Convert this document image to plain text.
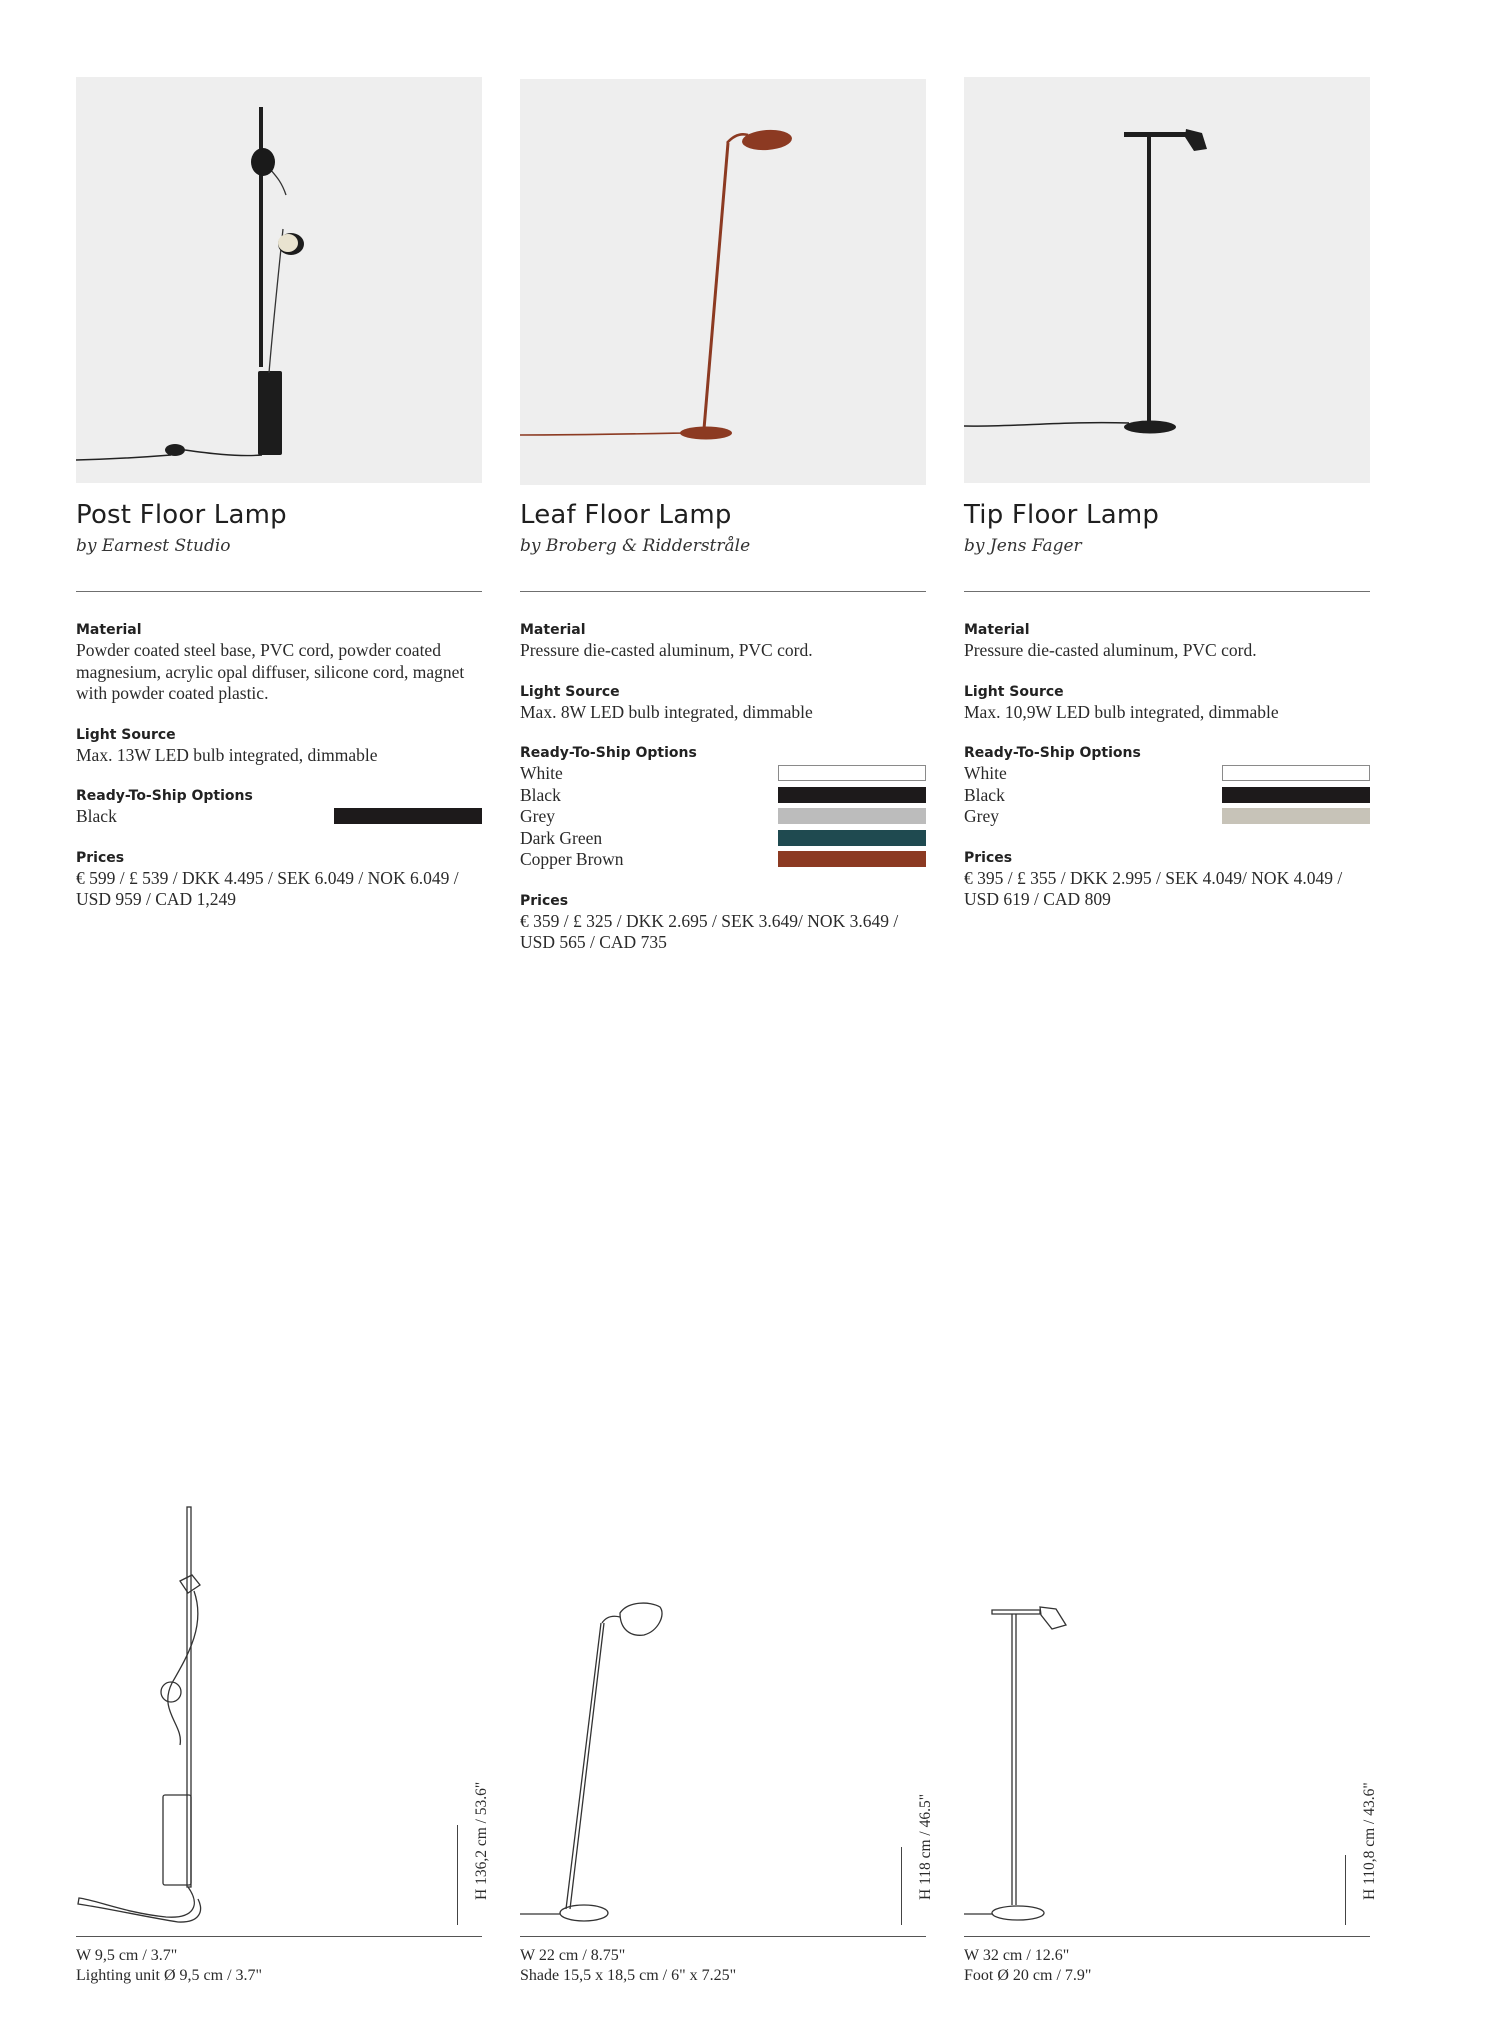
Post Floor Lamp

by Earnest Studio

Material
Powder coated steel base, PVC cord, powder coated magnesium, acrylic opal diffuser, silicone cord, magnet with powder coated plastic.
Light Source
Max. 13W LED bulb integrated, dimmable
Ready-To-Ship Options
Black
Prices
€ 599 / £ 539 / DKK 4.495 / SEK 6.049 / NOK 6.049 / USD 959 / CAD 1,249
H 136,2 cm / 53.6"
W 9,5 cm / 3.7"
Lighting unit Ø 9,5 cm / 3.7"
Leaf Floor Lamp

by Broberg & Ridderstråle

Material
Pressure die-casted aluminum, PVC cord.
Light Source
Max. 8W LED bulb integrated, dimmable
Ready-To-Ship Options
White
Black
Grey
Dark Green
Copper Brown
Prices
€ 359 / £ 325 / DKK 2.695 / SEK 3.649/ NOK 3.649 / USD 565 / CAD 735
H 118 cm / 46.5"
W 22 cm / 8.75"
Shade 15,5 x 18,5 cm / 6" x 7.25"
Tip Floor Lamp

by Jens Fager

Material
Pressure die-casted aluminum, PVC cord.
Light Source
Max. 10,9W LED bulb integrated, dimmable
Ready-To-Ship Options
White
Black
Grey
Prices
€ 395 / £ 355 / DKK 2.995 / SEK 4.049/ NOK 4.049 / USD 619 / CAD 809
H 110,8 cm / 43.6"
W 32 cm / 12.6"
Foot Ø 20 cm / 7.9"
